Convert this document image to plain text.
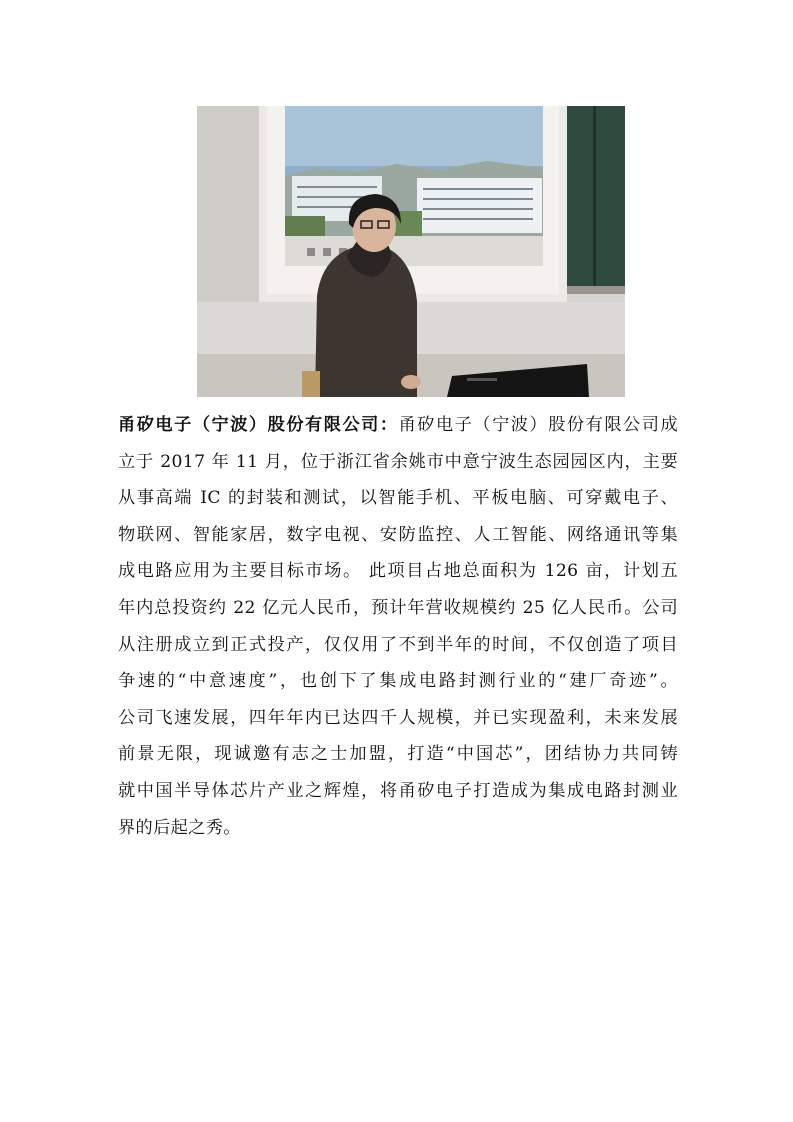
甬矽电子（宁波）股份有限公司：甬矽电子（宁波）股份有限公司成
立于 2017 年 11 月，位于浙江省余姚市中意宁波生态园园区内，主要
从事高端 IC 的封装和测试，以智能手机、平板电脑、可穿戴电子、
物联网、智能家居，数字电视、安防监控、人工智能、网络通讯等集
成电路应用为主要目标市场。 此项目占地总面积为 126 亩，计划五
年内总投资约 22 亿元人民币，预计年营收规模约 25 亿人民币。公司
从注册成立到正式投产，仅仅用了不到半年的时间，不仅创造了项目
争速的“中意速度”，也创下了集成电路封测行业的“建厂奇迹”。
公司飞速发展，四年年内已达四千人规模，并已实现盈利，未来发展
前景无限，现诚邀有志之士加盟，打造“中国芯”，团结协力共同铸
就中国半导体芯片产业之辉煌，将甬矽电子打造成为集成电路封测业
界的后起之秀。
